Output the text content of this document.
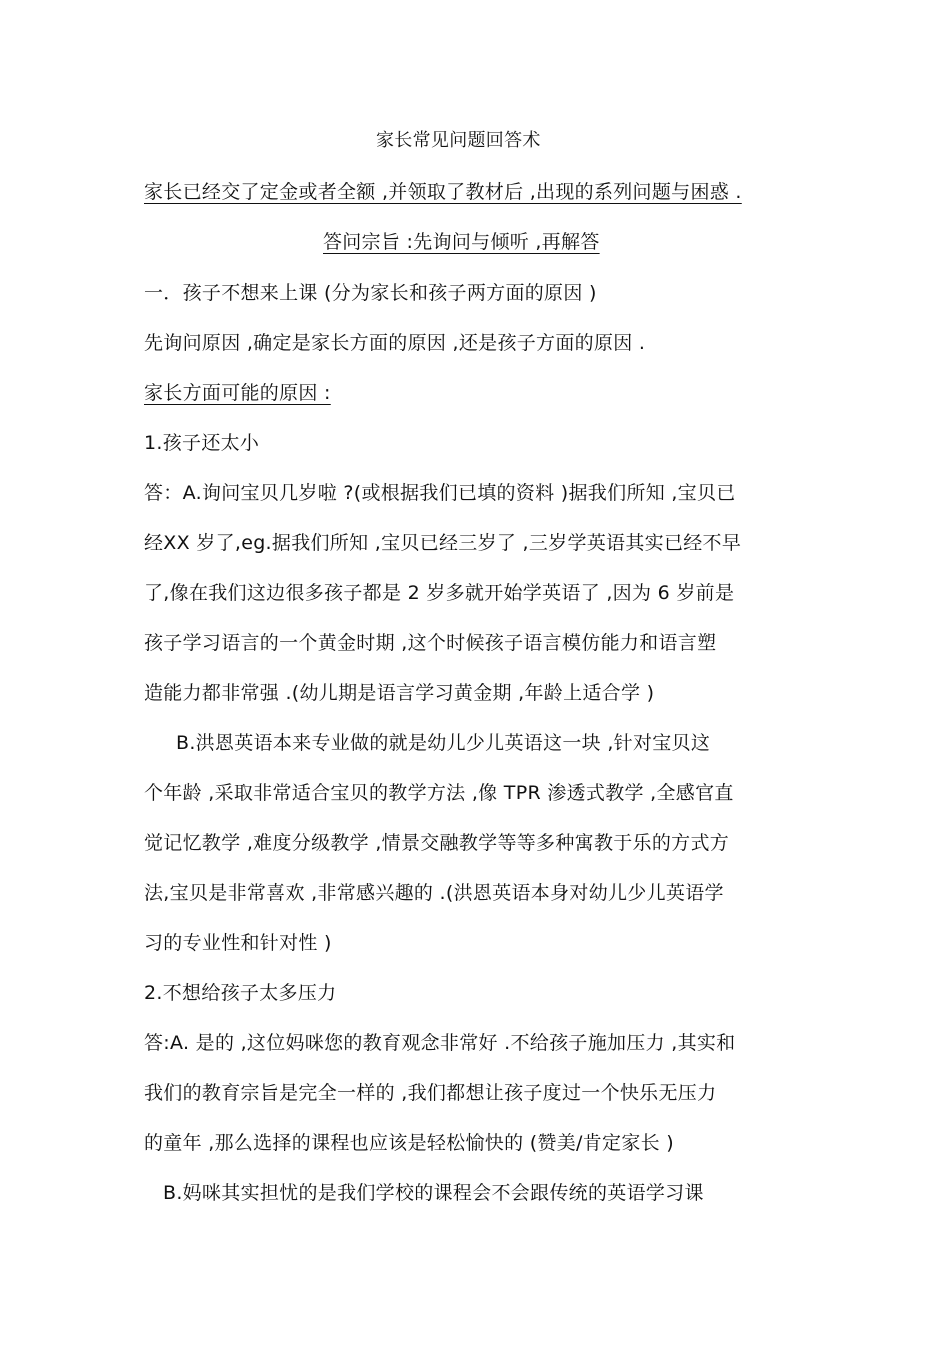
家长常见问题回答术
家长已经交了定金或者全额 ,并领取了教材后 ,出现的系列问题与困惑 .
答问宗旨 :先询问与倾听 ,再解答
一．孩子不想来上课 (分为家长和孩子两方面的原因 )
先询问原因 ,确定是家长方面的原因 ,还是孩子方面的原因 .
家长方面可能的原因 :
1.孩子还太小
答：A.询问宝贝几岁啦 ?(或根据我们已填的资料 )据我们所知 ,宝贝已
经XX 岁了,eg.据我们所知 ,宝贝已经三岁了 ,三岁学英语其实已经不早
了,像在我们这边很多孩子都是 2 岁多就开始学英语了 ,因为 6 岁前是
孩子学习语言的一个黄金时期 ,这个时候孩子语言模仿能力和语言塑
造能力都非常强 .(幼儿期是语言学习黄金期 ,年龄上适合学 )
B.洪恩英语本来专业做的就是幼儿少儿英语这一块 ,针对宝贝这
个年龄 ,采取非常适合宝贝的教学方法 ,像 TPR 渗透式教学 ,全感官直
觉记忆教学 ,难度分级教学 ,情景交融教学等等多种寓教于乐的方式方
法,宝贝是非常喜欢 ,非常感兴趣的 .(洪恩英语本身对幼儿少儿英语学
习的专业性和针对性 )
2.不想给孩子太多压力
答:A. 是的 ,这位妈咪您的教育观念非常好 .不给孩子施加压力 ,其实和
我们的教育宗旨是完全一样的 ,我们都想让孩子度过一个快乐无压力
的童年 ,那么选择的课程也应该是轻松愉快的 (赞美/肯定家长 )
B.妈咪其实担忧的是我们学校的课程会不会跟传统的英语学习课
